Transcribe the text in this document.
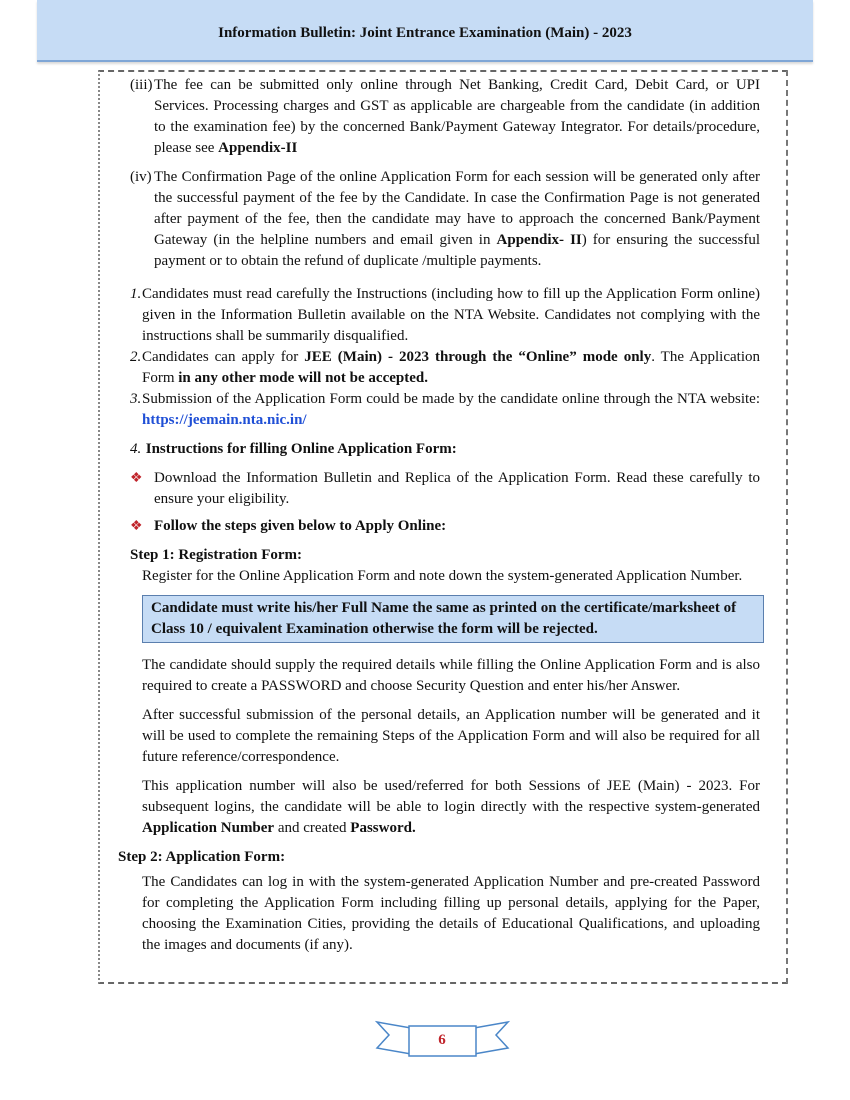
Information Bulletin: Joint Entrance Examination (Main) - 2023
(iii) The fee can be submitted only online through Net Banking, Credit Card, Debit Card, or UPI Services. Processing charges and GST as applicable are chargeable from the candidate (in addition to the examination fee) by the concerned Bank/Payment Gateway Integrator. For details/procedure, please see Appendix-II
(iv) The Confirmation Page of the online Application Form for each session will be generated only after the successful payment of the fee by the Candidate. In case the Confirmation Page is not generated after payment of the fee, then the candidate may have to approach the concerned Bank/Payment Gateway (in the helpline numbers and email given in Appendix- II) for ensuring the successful payment or to obtain the refund of duplicate /multiple payments.
1. Candidates must read carefully the Instructions (including how to fill up the Application Form online) given in the Information Bulletin available on the NTA Website. Candidates not complying with the instructions shall be summarily disqualified.
2. Candidates can apply for JEE (Main) - 2023 through the “Online” mode only. The Application Form in any other mode will not be accepted.
3. Submission of the Application Form could be made by the candidate online through the NTA website: https://jeemain.nta.nic.in/
4. Instructions for filling Online Application Form:
❖ Download the Information Bulletin and Replica of the Application Form. Read these carefully to ensure your eligibility.
❖ Follow the steps given below to Apply Online:
Step 1: Registration Form:
Register for the Online Application Form and note down the system-generated Application Number.
Candidate must write his/her Full Name the same as printed on the certificate/marksheet of Class 10 / equivalent Examination otherwise the form will be rejected.
The candidate should supply the required details while filling the Online Application Form and is also required to create a PASSWORD and choose Security Question and enter his/her Answer.
After successful submission of the personal details, an Application number will be generated and it will be used to complete the remaining Steps of the Application Form and will also be required for all future reference/correspondence.
This application number will also be used/referred for both Sessions of JEE (Main) - 2023. For subsequent logins, the candidate will be able to login directly with the respective system-generated Application Number and created Password.
Step 2: Application Form:
The Candidates can log in with the system-generated Application Number and pre-created Password for completing the Application Form including filling up personal details, applying for the Paper, choosing the Examination Cities, providing the details of Educational Qualifications, and uploading the images and documents (if any).
6
